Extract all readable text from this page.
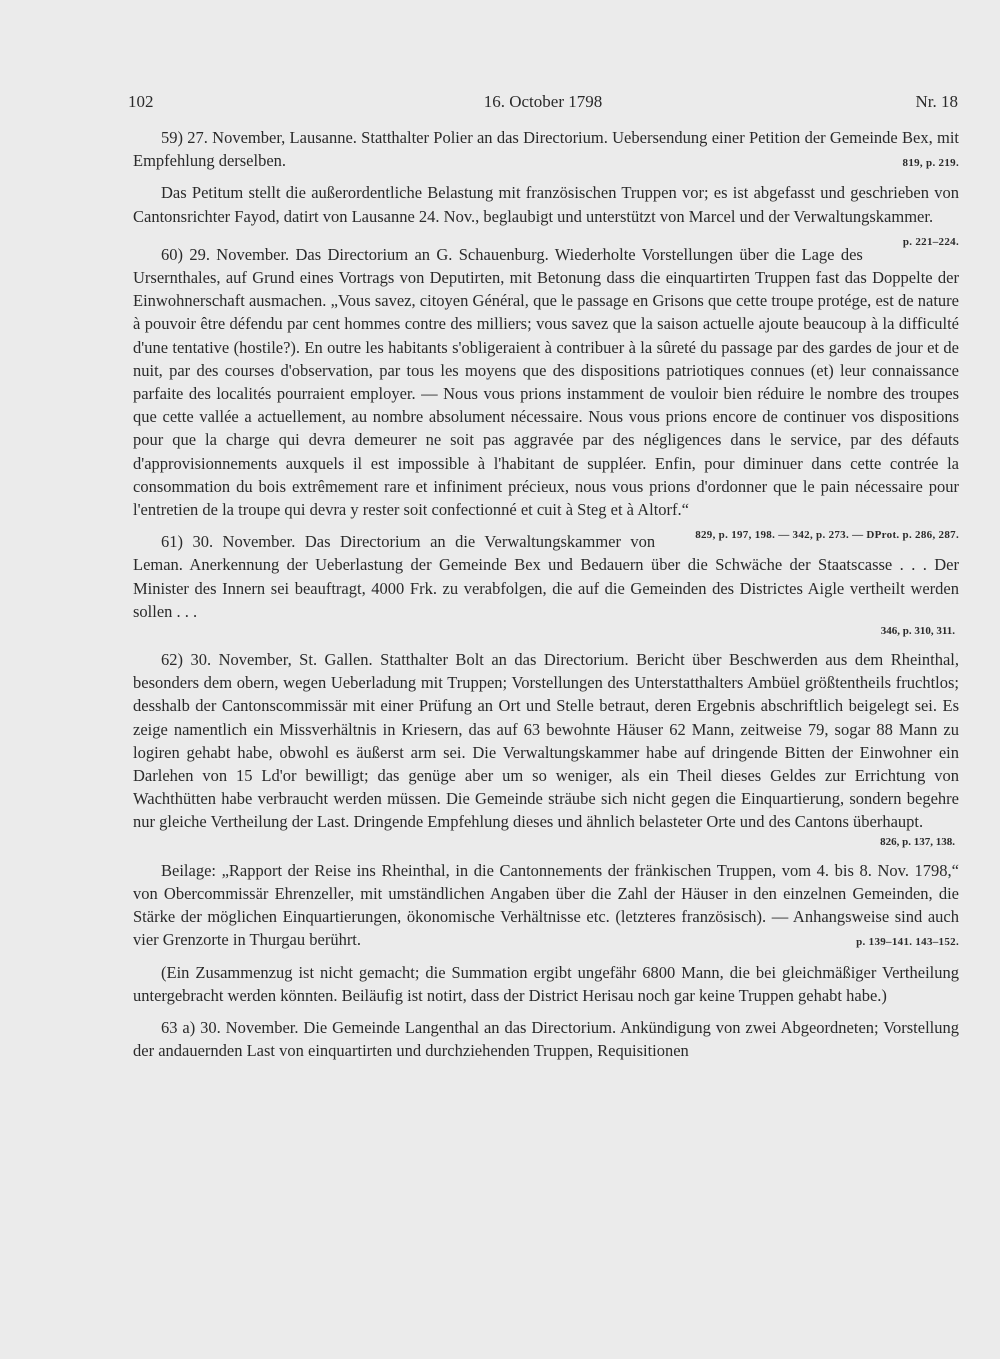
102	16. October 1798	Nr. 18

59) 27. November, Lausanne. Statthalter Polier an das Directorium. Uebersendung einer Petition der Gemeinde Bex, mit Empfehlung derselben.	819, p. 219.

Das Petitum stellt die außerordentliche Belastung mit französischen Truppen vor; es ist abgefasst und geschrieben von Cantonsrichter Fayod, datirt von Lausanne 24. Nov., beglaubigt und unterstützt von Marcel und der Verwaltungskammer.
p. 221–224.

60) 29. November. Das Directorium an G. Schauenburg. Wiederholte Vorstellungen über die Lage des Ursernthales, auf Grund eines Vortrags von Deputirten, mit Betonung dass die einquartirten Truppen fast das Doppelte der Einwohnerschaft ausmachen. „Vous savez, citoyen Général, que le passage en Grisons que cette troupe protége, est de nature à pouvoir être défendu par cent hommes contre des milliers; vous savez que la saison actuelle ajoute beaucoup à la difficulté d'une tentative (hostile?). En outre les habitants s'obligeraient à contribuer à la sûreté du passage par des gardes de jour et de nuit, par des courses d'observation, par tous les moyens que des dispositions patriotiques connues (et) leur connaissance parfaite des localités pourraient employer. — Nous vous prions instamment de vouloir bien réduire le nombre des troupes que cette vallée a actuellement, au nombre absolument nécessaire. Nous vous prions encore de continuer vos dispositions pour que la charge qui devra demeurer ne soit pas aggravée par des négligences dans le service, par des défauts d'approvisionnements auxquels il est impossible à l'habitant de suppléer. Enfin, pour diminuer dans cette contrée la consommation du bois extrêmement rare et infiniment précieux, nous vous prions d'ordonner que le pain nécessaire pour l'entretien de la troupe qui devra y rester soit confectionné et cuit à Steg et à Altorf.“
829, p. 197, 198. — 342, p. 273. — DProt. p. 286, 287.

61) 30. November. Das Directorium an die Verwaltungskammer von Leman. Anerkennung der Ueberlastung der Gemeinde Bex und Bedauern über die Schwäche der Staatscasse . . . Der Minister des Innern sei beauftragt, 4000 Frk. zu verabfolgen, die auf die Gemeinden des Districtes Aigle vertheilt werden sollen . . .

346, p. 310, 311.

62) 30. November, St. Gallen. Statthalter Bolt an das Directorium. Bericht über Beschwerden aus dem Rheinthal, besonders dem obern, wegen Ueberladung mit Truppen; Vorstellungen des Unterstatthalters Ambüel größtentheils fruchtlos; desshalb der Cantonscommissär mit einer Prüfung an Ort und Stelle betraut, deren Ergebnis abschriftlich beigelegt sei. Es zeige namentlich ein Missverhältnis in Kriesern, das auf 63 bewohnte Häuser 62 Mann, zeitweise 79, sogar 88 Mann zu logiren gehabt habe, obwohl es äußerst arm sei. Die Verwaltungskammer habe auf dringende Bitten der Einwohner ein Darlehen von 15 Ld'or bewilligt; das genüge aber um so weniger, als ein Theil dieses Geldes zur Errichtung von Wachthütten habe verbraucht werden müssen. Die Gemeinde sträube sich nicht gegen die Einquartierung, sondern begehre nur gleiche Vertheilung der Last. Dringende Empfehlung dieses und ähnlich belasteter Orte und des Cantons überhaupt.

826, p. 137, 138.

Beilage: „Rapport der Reise ins Rheinthal, in die Cantonnements der fränkischen Truppen, vom 4. bis 8. Nov. 1798,“ von Obercommissär Ehrenzeller, mit umständlichen Angaben über die Zahl der Häuser in den einzelnen Gemeinden, die Stärke der möglichen Einquartierungen, ökonomische Verhältnisse etc. (letzteres französisch). — Anhangsweise sind auch vier Grenzorte in Thurgau berührt.	p. 139–141. 143–152.

(Ein Zusammenzug ist nicht gemacht; die Summation ergibt ungefähr 6800 Mann, die bei gleichmäßiger Vertheilung untergebracht werden könnten. Beiläufig ist notirt, dass der District Herisau noch gar keine Truppen gehabt habe.)

63 a) 30. November. Die Gemeinde Langenthal an das Directorium. Ankündigung von zwei Abgeordneten; Vorstellung der andauernden Last von einquartirten und durchziehenden Truppen, Requisitionen
